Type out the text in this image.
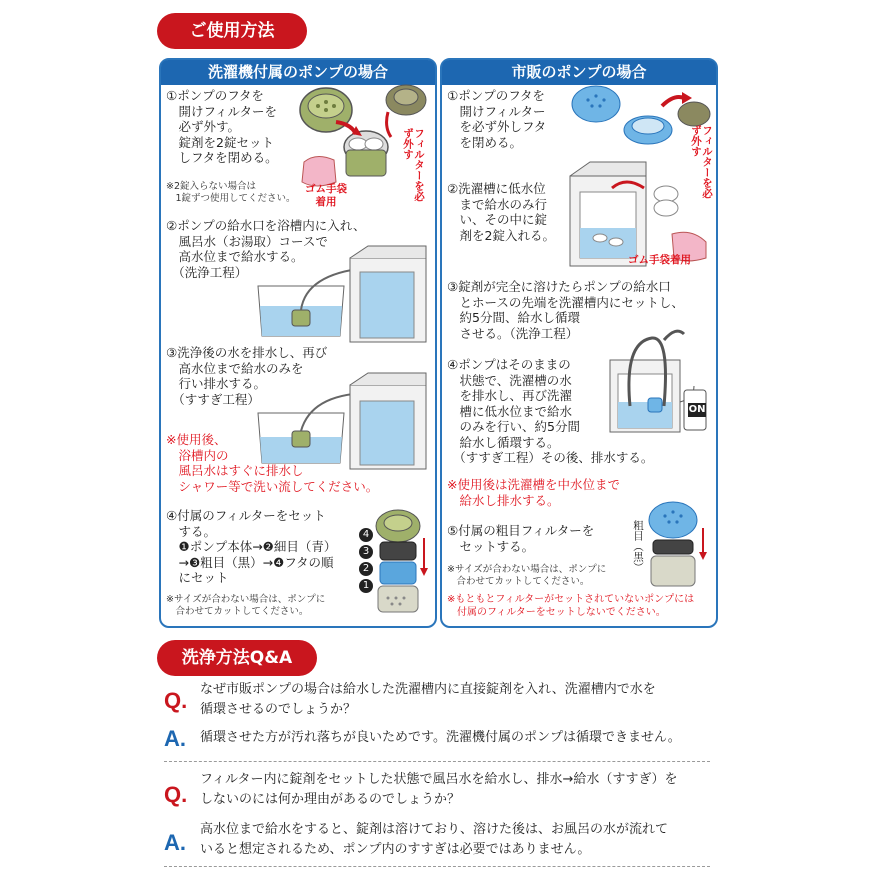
ご使用方法
洗濯機付属のポンプの場合
①ポンプのフタを
　開けフィルターを
　必ず外す。
　錠剤を2錠セット
　しフタを閉める。
※2錠入らない場合は
　1錠ずつ使用してください。	フィルターを必ず外す
ゴム手袋着用
②ポンプの給水口を浴槽内に入れ、
　風呂水（お湯取）コースで
　高水位まで給水する。
　（洗浄工程）
③洗浄後の水を排水し、再び
　高水位まで給水のみを
　行い排水する。
　（すすぎ工程）
※使用後、
　浴槽内の
　風呂水はすぐに排水し
　シャワー等で洗い流してください。
④付属のフィルターをセット
　する。
　❶ポンプ本体→❷細目（青）
　→❸粗目（黒）→❹フタの順
　にセット
※サイズが合わない場合は、ポンプに
　合わせてカットしてください。
4
3
2
1
市販のポンプの場合
①ポンプのフタを
　開けフィルター
　を必ず外しフタ
　を閉める。	フィルターを必ず外す
②洗濯槽に低水位
　まで給水のみ行
　い、その中に錠
　剤を2錠入れる。
ゴム手袋着用
③錠剤が完全に溶けたらポンプの給水口
　とホースの先端を洗濯槽内にセットし、
　約5分間、給水し循環
　させる。（洗浄工程）
④ポンプはそのままの
　状態で、洗濯槽の水
　を排水し、再び洗濯
　槽に低水位まで給水
　のみを行い、約5分間
　給水し循環する。
　（すすぎ工程）その後、排水する。
ON
※使用後は洗濯槽を中水位まで
　給水し排水する。
⑤付属の粗目フィルターを
　セットする。	粗目（黒）
※サイズが合わない場合は、ポンプに
　合わせてカットしてください。
※もともとフィルターがセットされていないポンプには
　付属のフィルターをセットしないでください。
洗浄方法Q&A
Q. なぜ市販ポンプの場合は給水した洗濯槽内に直接錠剤を入れ、洗濯槽内で水を
循環させるのでしょうか？
A. 循環させた方が汚れ落ちが良いためです。洗濯機付属のポンプは循環できません。
Q.
フィルター内に錠剤をセットした状態で風呂水を給水し、排水→給水（すすぎ）を
しないのには何か理由があるのでしょうか？
A.
高水位まで給水をすると、錠剤は溶けており、溶けた後は、お風呂の水が流れて
いると想定されるため、ポンプ内のすすぎは必要ではありません。
